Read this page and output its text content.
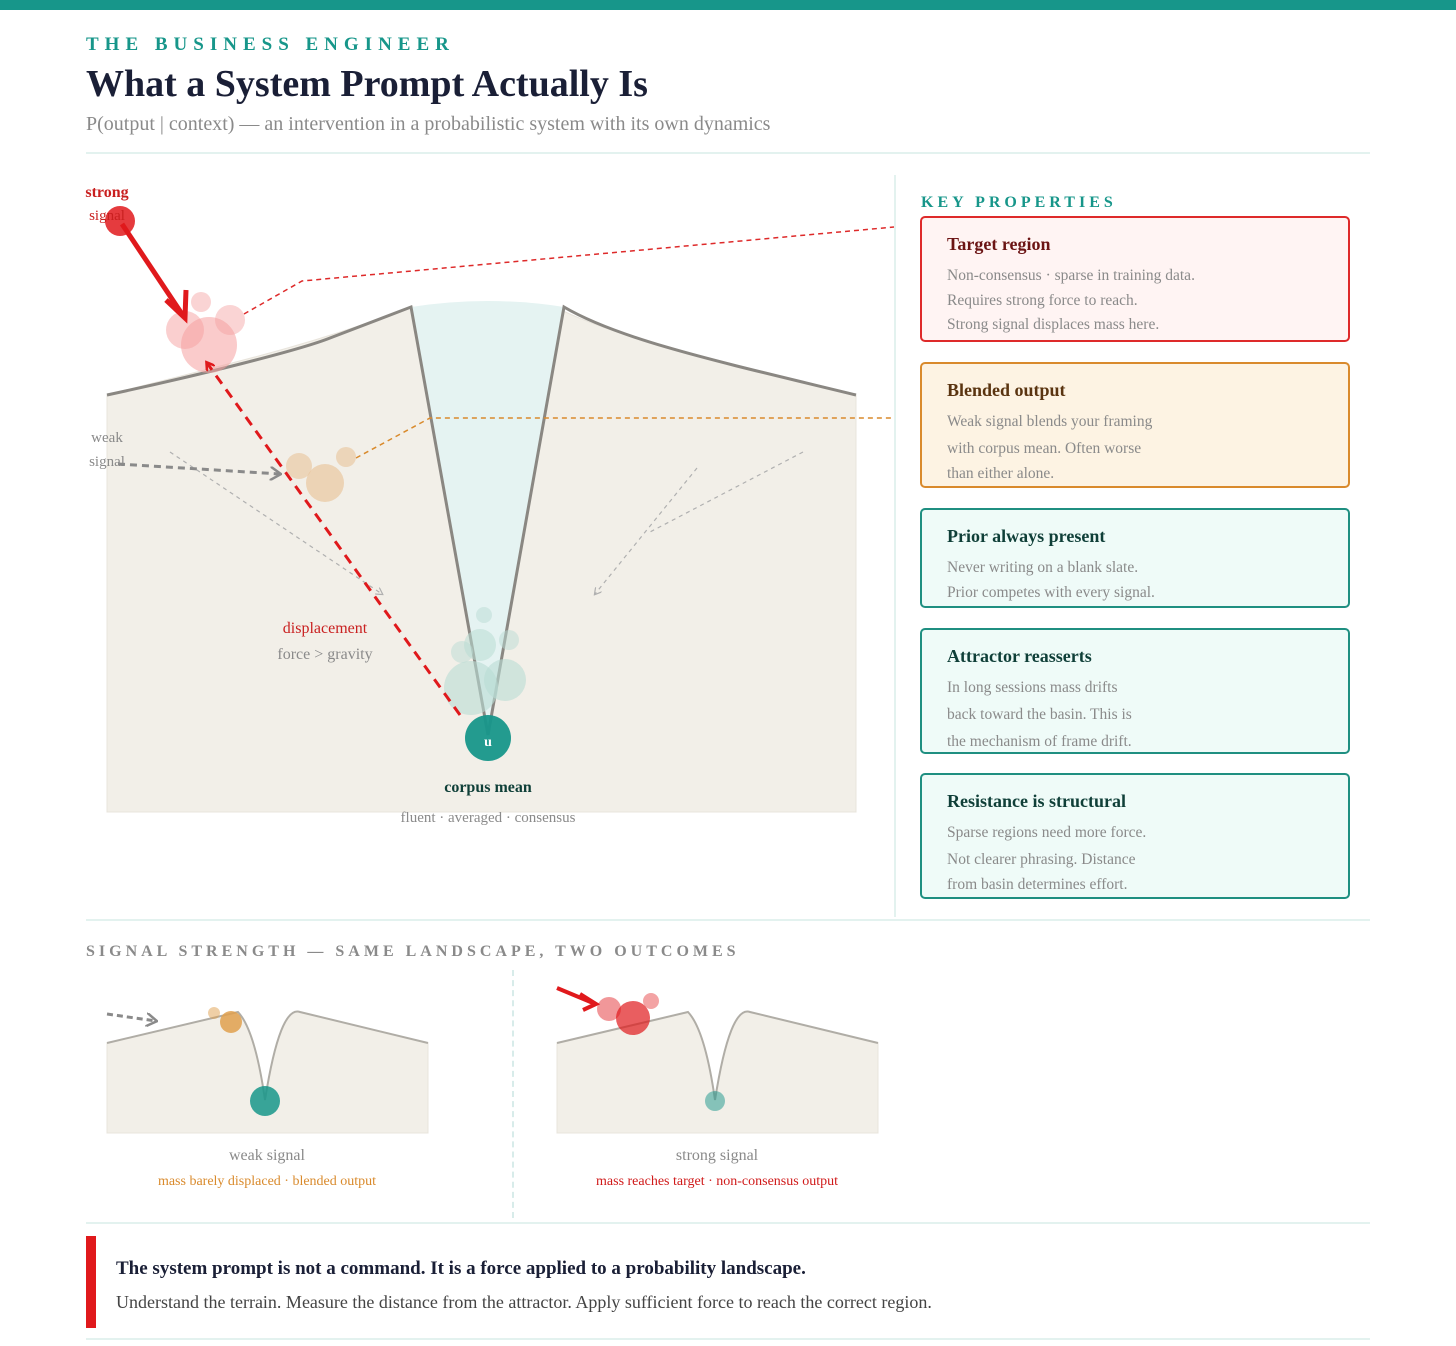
THE BUSINESS ENGINEER
What a System Prompt Actually Is
P(output | context) — an intervention in a probabilistic system with its own dynamics
strong
signal
weak
signal
displacement
force > gravity
u
corpus mean
fluent · averaged · consensus
KEY PROPERTIES
Target region

Non-consensus · sparse in training data.

Requires strong force to reach.

Strong signal displaces mass here.

Blended output

Weak signal blends your framing

with corpus mean. Often worse

than either alone.

Prior always present

Never writing on a blank slate.

Prior competes with every signal.

Attractor reasserts

In long sessions mass drifts

back toward the basin. This is

the mechanism of frame drift.

Resistance is structural

Sparse regions need more force.

Not clearer phrasing. Distance

from basin determines effort.

SIGNAL STRENGTH — SAME LANDSCAPE, TWO OUTCOMES
weak signal
mass barely displaced · blended output
strong signal
mass reaches target · non-consensus output
The system prompt is not a command. It is a force applied to a probability landscape.
Understand the terrain. Measure the distance from the attractor. Apply sufficient force to reach the correct region.
